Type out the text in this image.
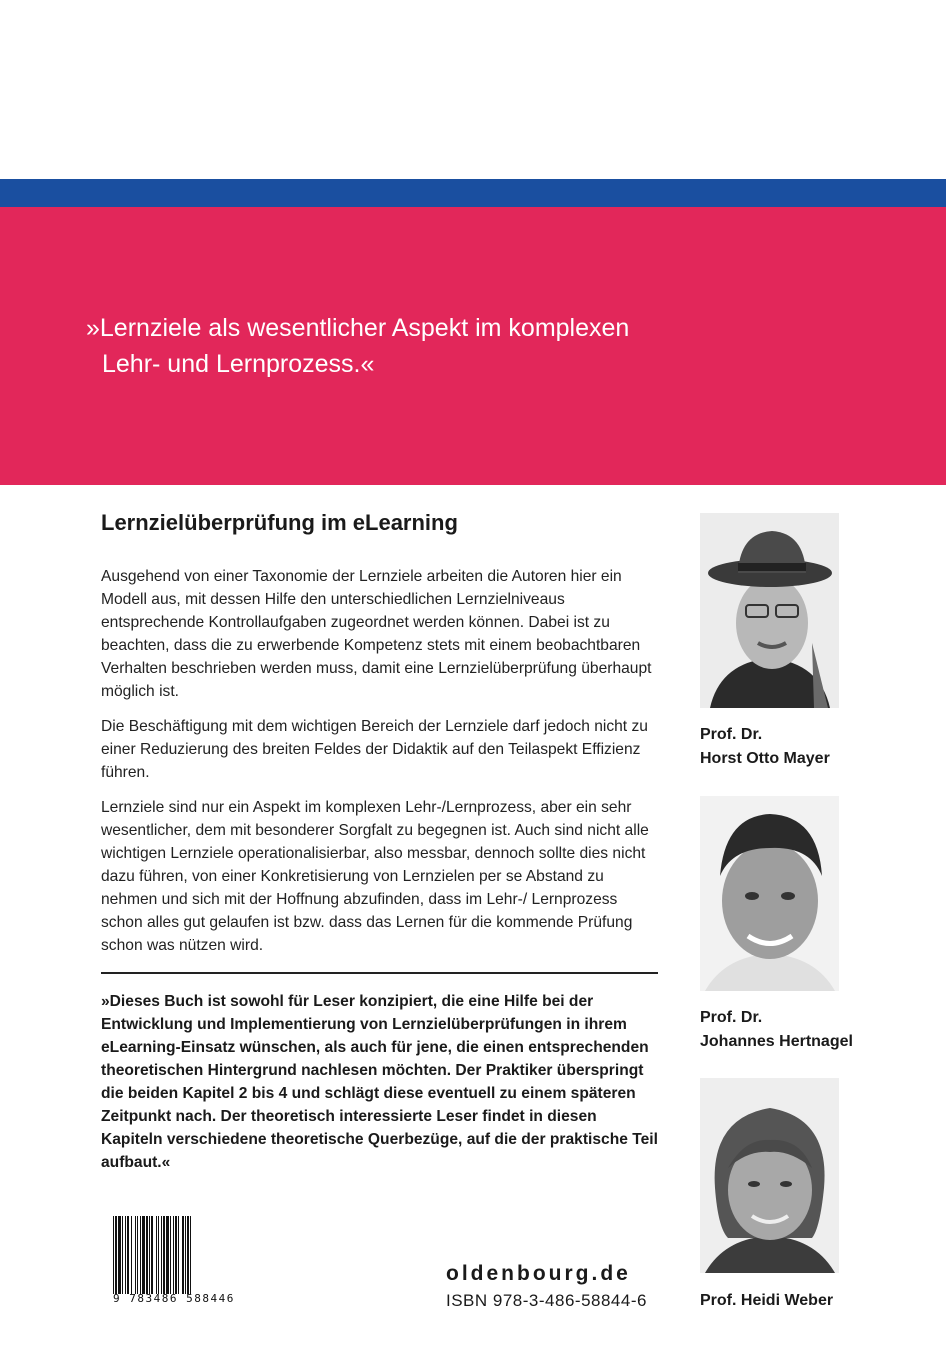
»Lernziele als wesentlicher Aspekt im komplexen
Lehr- und Lernprozess.«
Lernzielüberprüfung im eLearning

Ausgehend von einer Taxonomie der Lernziele arbeiten die Autoren hier ein Modell aus, mit dessen Hilfe den unterschiedlichen Lernzielniveaus entsprechende Kontrollaufgaben zugeordnet werden können. Dabei ist zu beachten, dass die zu erwerbende Kompetenz stets mit einem beobachtbaren Verhalten beschrieben werden muss, damit eine Lernzielüberprüfung überhaupt möglich ist.

Die Beschäftigung mit dem wichtigen Bereich der Lernziele darf jedoch nicht zu einer Reduzierung des breiten Feldes der Didaktik auf den Teilaspekt Effizienz führen.

Lernziele sind nur ein Aspekt im komplexen Lehr-/Lernprozess, aber ein sehr wesentlicher, dem mit besonderer Sorgfalt zu begegnen ist. Auch sind nicht alle wichtigen Lernziele operationalisierbar, also messbar, dennoch sollte dies nicht dazu führen, von einer Konkretisierung von Lernzielen per se Abstand zu nehmen und sich mit der Hoffnung abzufinden, dass im Lehr-/ Lernprozess schon alles gut gelaufen ist bzw. dass das Lernen für die kommende Prüfung schon was nützen wird.

»Dieses Buch ist sowohl für Leser konzipiert, die eine Hilfe bei der Entwicklung und Implementierung von Lernzielüberprüfungen in ihrem eLearning-Einsatz wünschen, als auch für jene, die einen entsprechenden theoretischen Hintergrund nachlesen möchten. Der Praktiker überspringt die beiden Kapitel 2 bis 4 und schlägt diese eventuell zu einem späteren Zeitpunkt nach. Der theoretisch interessierte Leser findet in diesen Kapiteln verschiedene theoretische Querbezüge, auf die der praktische Teil aufbaut.«
Prof. Dr.
Horst Otto Mayer
Prof. Dr.
Johannes Hertnagel
Prof. Heidi Weber
9 783486 588446
oldenbourg.de
ISBN 978-3-486-58844-6
